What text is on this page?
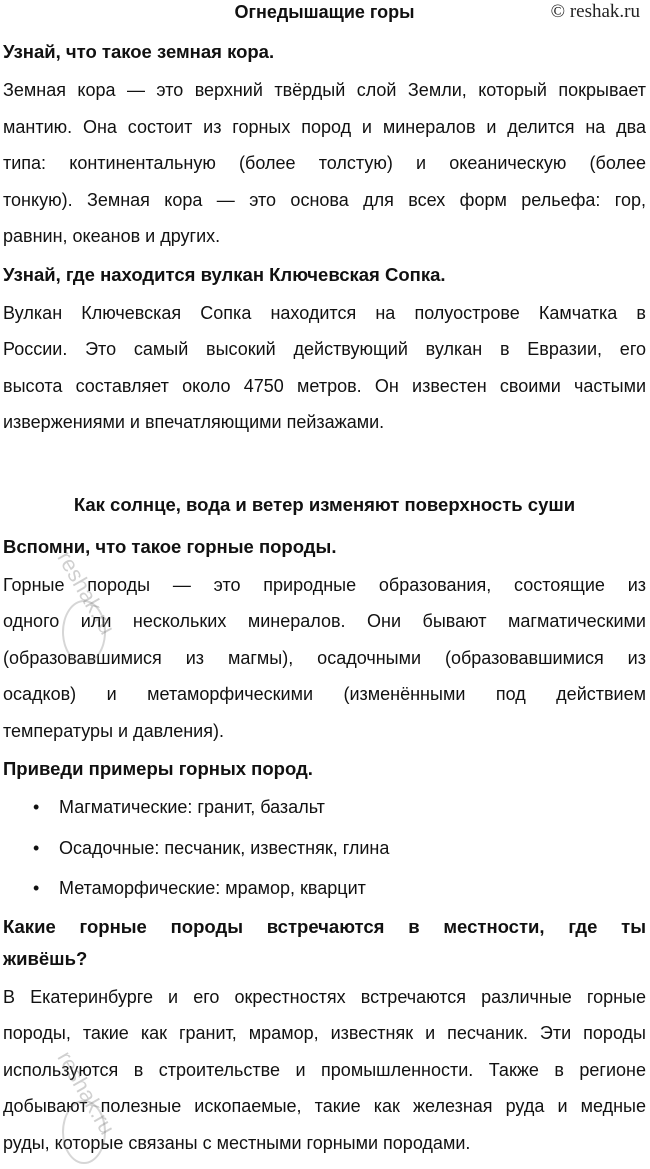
Огнедышащие горы	© reshak.ru
Узнай, что такое земная кора.
Земная кора — это верхний твёрдый слой Земли, который покрывает
мантию. Она состоит из горных пород и минералов и делится на два
типа: континентальную (более толстую) и океаническую (более
тонкую). Земная кора — это основа для всех форм рельефа: гор,
равнин, океанов и других.
Узнай, где находится вулкан Ключевская Сопка.
Вулкан Ключевская Сопка находится на полуострове Камчатка в
России. Это самый высокий действующий вулкан в Евразии, его
высота составляет около 4750 метров. Он известен своими частыми
извержениями и впечатляющими пейзажами.
Как солнце, вода и ветер изменяют поверхность суши
Вспомни, что такое горные породы.
Горные породы — это природные образования, состоящие из
одного или нескольких минералов. Они бывают магматическими
(образовавшимися из магмы), осадочными (образовавшимися из
осадков) и метаморфическими (изменёнными под действием
температуры и давления).
Приведи примеры горных пород.
• Магматические: гранит, базальт
• Осадочные: песчаник, известняк, глина
• Метаморфические: мрамор, кварцит
Какие горные породы встречаются в местности, где ты
живёшь?
В Екатеринбурге и его окрестностях встречаются различные горные
породы, такие как гранит, мрамор, известняк и песчаник. Эти породы
используются в строительстве и промышленности. Также в регионе
добывают полезные ископаемые, такие как железная руда и медные
руды, которые связаны с местными горными породами.
reshak.ru
reshak.ru
